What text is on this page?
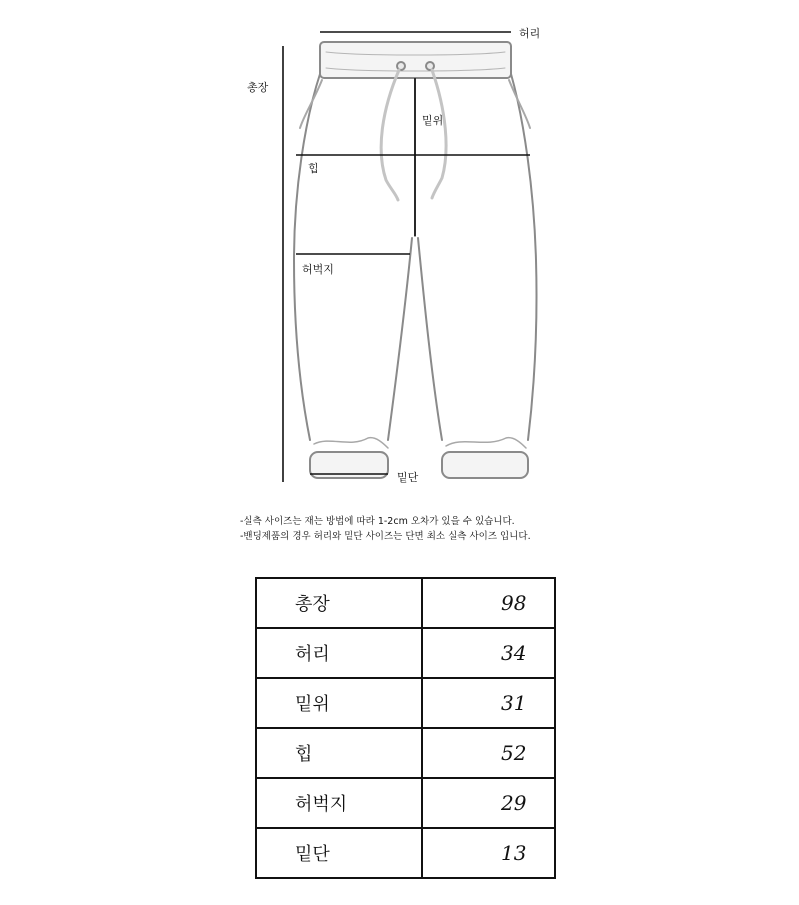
허리
총장
밑위
힙
허벅지
밑단
-실측 사이즈는 재는 방법에 따라 1-2cm 오차가 있을 수 있습니다.
-밴딩제품의 경우 허리와 밑단 사이즈는 단면 최소 실측 사이즈 입니다.
총장	98
허리	34
밑위	31
힙	52
허벅지	29
밑단	13
